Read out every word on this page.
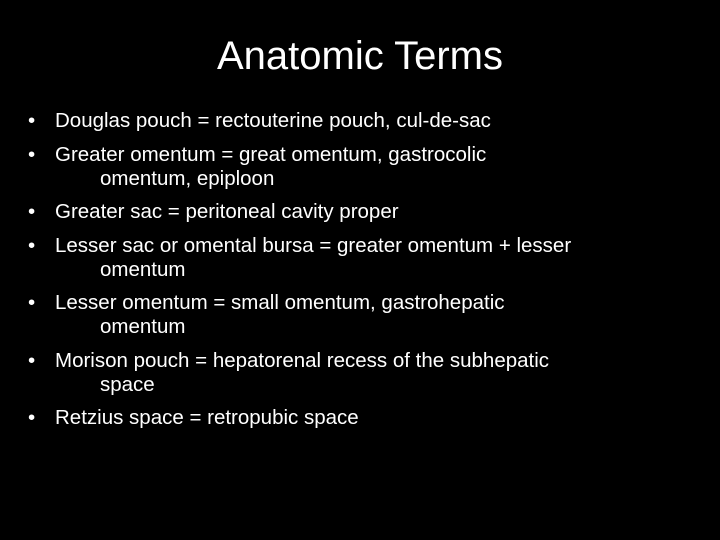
Anatomic Terms
• Douglas pouch = rectouterine pouch, cul-de-sac
• Greater omentum = great omentum, gastrocolic
omentum, epiploon
• Greater sac = peritoneal cavity proper
• Lesser sac or omental bursa = greater omentum + lesser
omentum
• Lesser omentum = small omentum, gastrohepatic
omentum
• Morison pouch = hepatorenal recess of the subhepatic
space
• Retzius space = retropubic space
